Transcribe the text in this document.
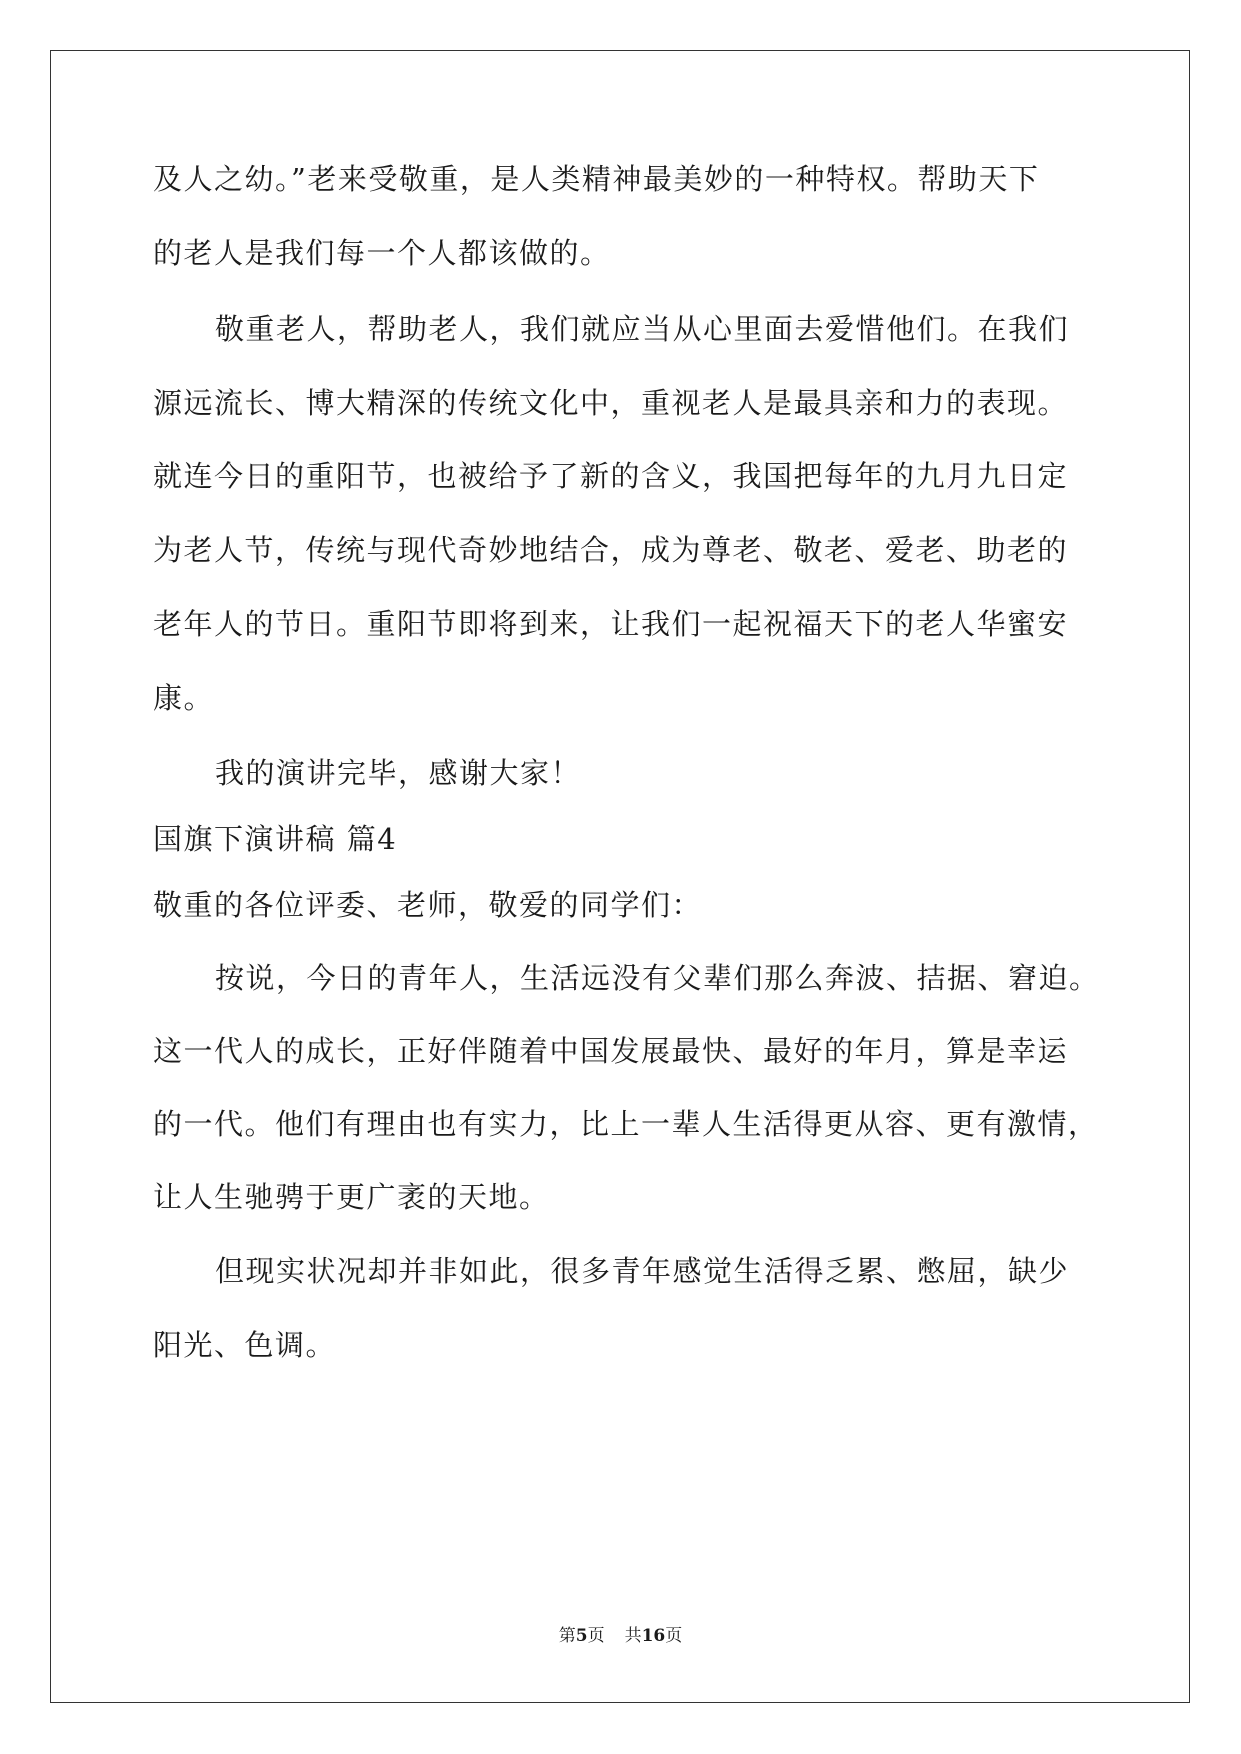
及人之幼。”老来受敬重，是人类精神最美妙的一种特权。帮助天下
的老人是我们每一个人都该做的。
敬重老人，帮助老人，我们就应当从心里面去爱惜他们。在我们
源远流长、博大精深的传统文化中，重视老人是最具亲和力的表现。
就连今日的重阳节，也被给予了新的含义，我国把每年的九月九日定
为老人节，传统与现代奇妙地结合，成为尊老、敬老、爱老、助老的
老年人的节日。重阳节即将到来，让我们一起祝福天下的老人华蜜安
康。
我的演讲完毕，感谢大家！
国旗下演讲稿 篇4
敬重的各位评委、老师，敬爱的同学们：
按说，今日的青年人，生活远没有父辈们那么奔波、拮据、窘迫。
这一代人的成长，正好伴随着中国发展最快、最好的年月，算是幸运
的一代。他们有理由也有实力，比上一辈人生活得更从容、更有激情，
让人生驰骋于更广袤的天地。
但现实状况却并非如此，很多青年感觉生活得乏累、憋屈，缺少
阳光、色调。
第5页 共16页
